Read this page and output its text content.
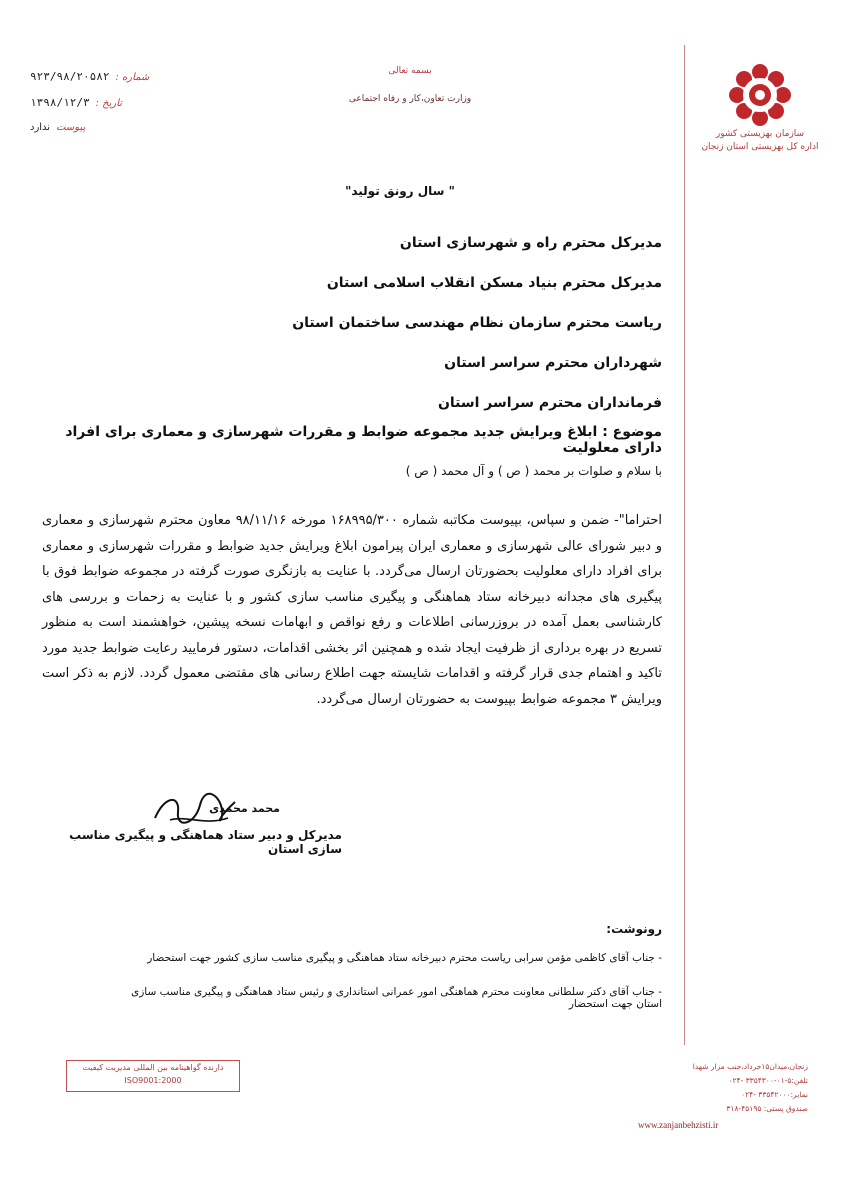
سازمان بهزیستی کشور
اداره کل بهزیستی استان زنجان
بسمه تعالی
وزارت تعاون،کار و رفاه اجتماعی
شماره :
۹۲۳/۹۸/۲۰۵۸۲
تاریخ :
۱۳۹۸/۱۲/۳
پیوست
ندارد
" سال رونق تولید"
مدیرکل محترم راه و شهرسازی استان
مدیرکل محترم بنیاد مسکن انقلاب اسلامی استان
ریاست محترم سازمان نظام مهندسی ساختمان استان
شهرداران محترم سراسر استان
فرمانداران محترم سراسر استان
موضوع : ابلاغ ویرایش جدید مجموعه ضوابط و مقررات شهرسازی و معماری برای افراد دارای معلولیت
با سلام و صلوات بر محمد ( ص ) و آل محمد ( ص )
احتراما"- ضمن و سپاس، بپیوست مکاتبه شماره ۱۶۸۹۹۵/۳۰۰ مورخه ۹۸/۱۱/۱۶ معاون محترم شهرسازی و معماری و دبیر شورای عالی شهرسازی و معماری ایران پیرامون ابلاغ ویرایش جدید ضوابط و مقررات شهرسازی و معماری برای افراد دارای معلولیت بحضورتان ارسال می‌گردد. با عنایت به بازنگری صورت گرفته در مجموعه ضوابط فوق با پیگیری های مجدانه دبیرخانه ستاد هماهنگی و پیگیری مناسب سازی کشور و با عنایت به زحمات و بررسی های کارشناسی بعمل آمده در بروزرسانی اطلاعات و رفع نواقص و ابهامات نسخه پیشین، خواهشمند است به منظور تسریع در بهره برداری از ظرفیت ایجاد شده و همچنین اثر بخشی اقدامات، دستور فرمایید رعایت ضوابط جدید مورد تاکید و اهتمام جدی قرار گرفته و اقدامات شایسته جهت اطلاع رسانی های مقتضی معمول گردد. لازم به ذکر است ویرایش ۳ مجموعه ضوابط بپیوست به حضورتان ارسال می‌گردد.
محمد محمدی
مدیرکل و دبیر ستاد هماهنگی و پیگیری مناسب سازی استان
رونوشت:
- جناب آقای کاظمی مؤمن سرابی ریاست محترم دبیرخانه ستاد هماهنگی و پیگیری مناسب سازی کشور جهت استحضار
- جناب آقای دکتر سلطانی معاونت محترم هماهنگی امور عمرانی استانداری و رئیس ستاد هماهنگی و پیگیری مناسب سازی استان جهت استحضار
دارنده گواهینامه بین المللی مدیریت کیفیت
ISO9001:2000
زنجان،میدان۱۵خرداد،جنب مزار شهدا
تلفن:۵-۰۱-۳۳۵۴۳۰۰ -۰۲۴
نمابر:۳۳۵۴۲۰۰۰ -۰۲۴
صندوق پستی: ۴۵۱۹۵-۳۱۸
www.zanjanbehzisti.ir
